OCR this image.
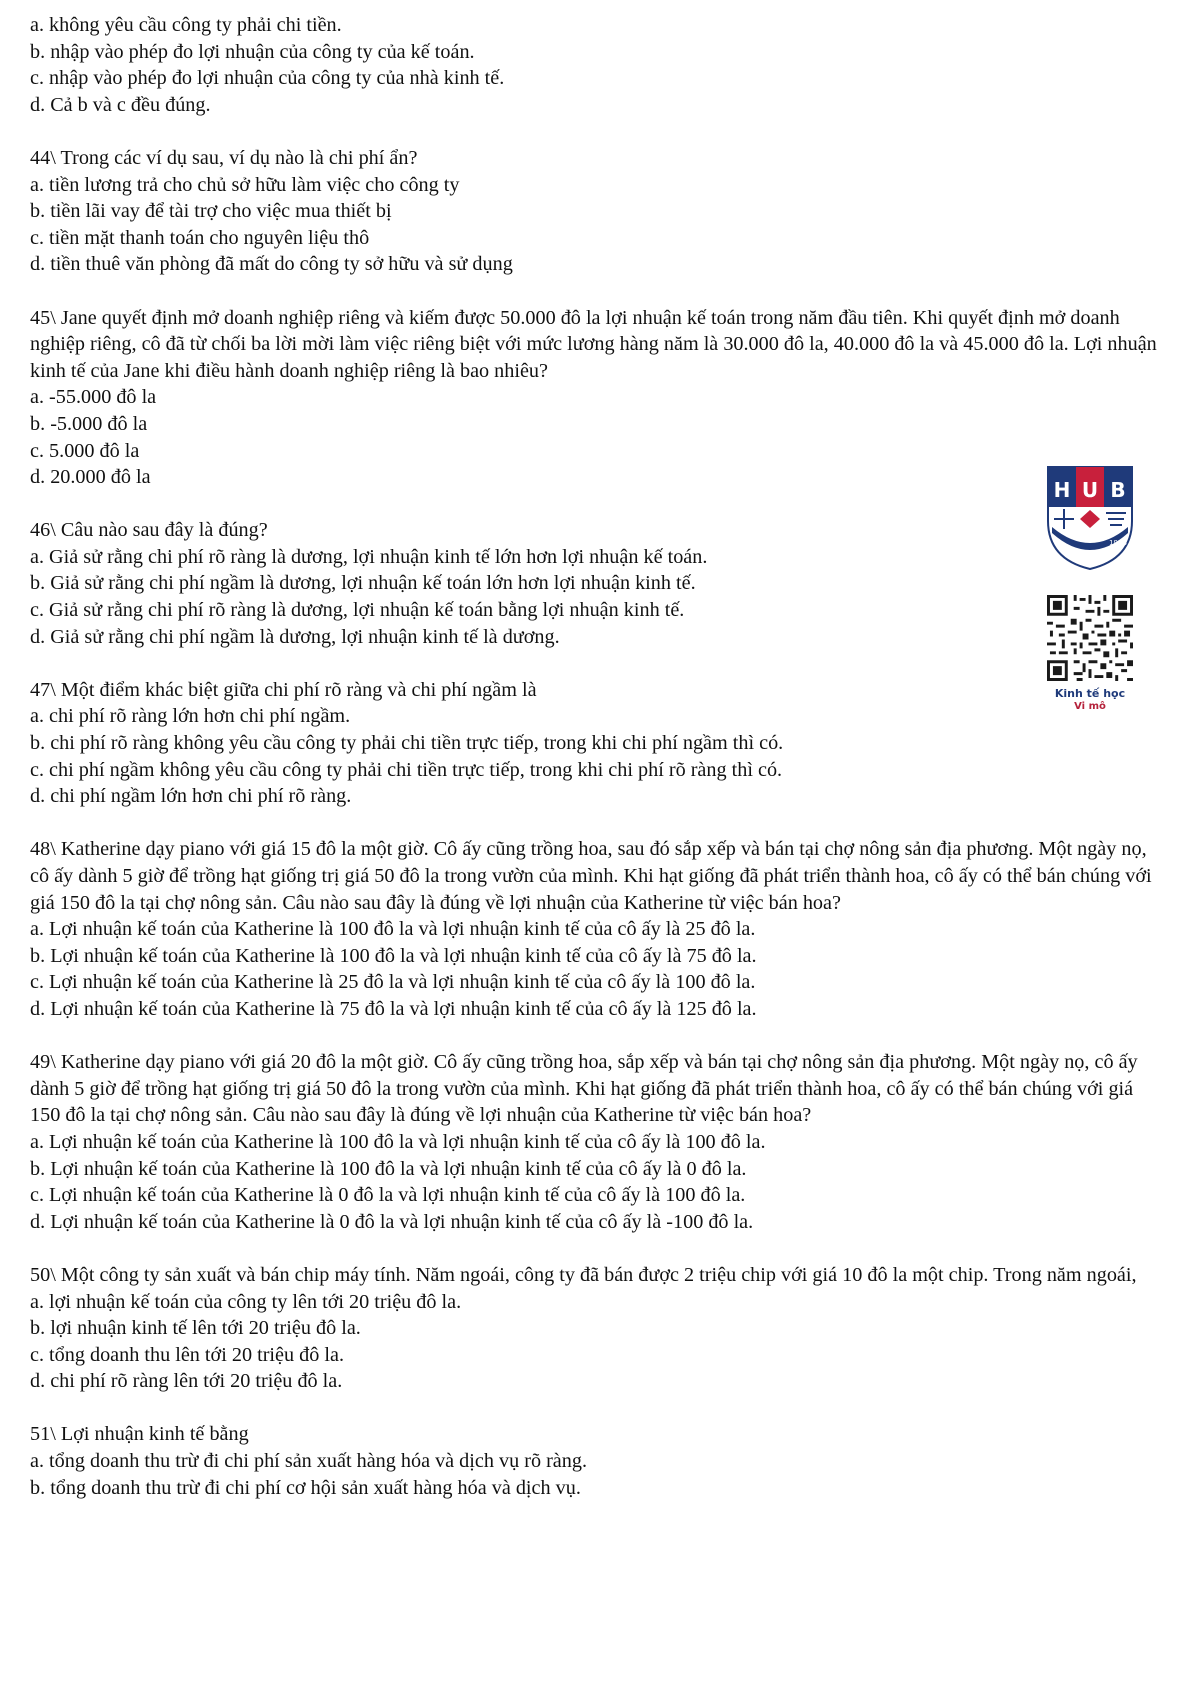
a. không yêu cầu công ty phải chi tiền.
b. nhập vào phép đo lợi nhuận của công ty của kế toán.
c. nhập vào phép đo lợi nhuận của công ty của nhà kinh tế.
d. Cả b và c đều đúng.
44\ Trong các ví dụ sau, ví dụ nào là chi phí ẩn?
a. tiền lương trả cho chủ sở hữu làm việc cho công ty
b. tiền lãi vay để tài trợ cho việc mua thiết bị
c. tiền mặt thanh toán cho nguyên liệu thô
d. tiền thuê văn phòng đã mất do công ty sở hữu và sử dụng
45\ Jane quyết định mở doanh nghiệp riêng và kiếm được 50.000 đô la lợi nhuận kế toán trong năm đầu tiên. Khi quyết định mở doanh nghiệp riêng, cô đã từ chối ba lời mời làm việc riêng biệt với mức lương hàng năm là 30.000 đô la, 40.000 đô la và 45.000 đô la. Lợi nhuận kinh tế của Jane khi điều hành doanh nghiệp riêng là bao nhiêu?
a. -55.000 đô la
b. -5.000 đô la
c. 5.000 đô la
d. 20.000 đô la
46\ Câu nào sau đây là đúng?
a. Giả sử rằng chi phí rõ ràng là dương, lợi nhuận kinh tế lớn hơn lợi nhuận kế toán.
b. Giả sử rằng chi phí ngầm là dương, lợi nhuận kế toán lớn hơn lợi nhuận kinh tế.
c. Giả sử rằng chi phí rõ ràng là dương, lợi nhuận kế toán bằng lợi nhuận kinh tế.
d. Giả sử rằng chi phí ngầm là dương, lợi nhuận kinh tế là dương.
47\ Một điểm khác biệt giữa chi phí rõ ràng và chi phí ngầm là
a. chi phí rõ ràng lớn hơn chi phí ngầm.
b. chi phí rõ ràng không yêu cầu công ty phải chi tiền trực tiếp, trong khi chi phí ngầm thì có.
c. chi phí ngầm không yêu cầu công ty phải chi tiền trực tiếp, trong khi chi phí rõ ràng thì có.
d. chi phí ngầm lớn hơn chi phí rõ ràng.
48\ Katherine dạy piano với giá 15 đô la một giờ. Cô ấy cũng trồng hoa, sau đó sắp xếp và bán tại chợ nông sản địa phương. Một ngày nọ, cô ấy dành 5 giờ để trồng hạt giống trị giá 50 đô la trong vườn của mình. Khi hạt giống đã phát triển thành hoa, cô ấy có thể bán chúng với giá 150 đô la tại chợ nông sản. Câu nào sau đây là đúng về lợi nhuận của Katherine từ việc bán hoa?
a. Lợi nhuận kế toán của Katherine là 100 đô la và lợi nhuận kinh tế của cô ấy là 25 đô la.
b. Lợi nhuận kế toán của Katherine là 100 đô la và lợi nhuận kinh tế của cô ấy là 75 đô la.
c. Lợi nhuận kế toán của Katherine là 25 đô la và lợi nhuận kinh tế của cô ấy là 100 đô la.
d. Lợi nhuận kế toán của Katherine là 75 đô la và lợi nhuận kinh tế của cô ấy là 125 đô la.
49\ Katherine dạy piano với giá 20 đô la một giờ. Cô ấy cũng trồng hoa, sắp xếp và bán tại chợ nông sản địa phương. Một ngày nọ, cô ấy dành 5 giờ để trồng hạt giống trị giá 50 đô la trong vườn của mình. Khi hạt giống đã phát triển thành hoa, cô ấy có thể bán chúng với giá 150 đô la tại chợ nông sản. Câu nào sau đây là đúng về lợi nhuận của Katherine từ việc bán hoa?
a. Lợi nhuận kế toán của Katherine là 100 đô la và lợi nhuận kinh tế của cô ấy là 100 đô la.
b. Lợi nhuận kế toán của Katherine là 100 đô la và lợi nhuận kinh tế của cô ấy là 0 đô la.
c. Lợi nhuận kế toán của Katherine là 0 đô la và lợi nhuận kinh tế của cô ấy là 100 đô la.
d. Lợi nhuận kế toán của Katherine là 0 đô la và lợi nhuận kinh tế của cô ấy là -100 đô la.
50\ Một công ty sản xuất và bán chip máy tính. Năm ngoái, công ty đã bán được 2 triệu chip với giá 10 đô la một chip. Trong năm ngoái,
a. lợi nhuận kế toán của công ty lên tới 20 triệu đô la.
b. lợi nhuận kinh tế lên tới 20 triệu đô la.
c. tổng doanh thu lên tới 20 triệu đô la.
d. chi phí rõ ràng lên tới 20 triệu đô la.
51\ Lợi nhuận kinh tế bằng
a. tổng doanh thu trừ đi chi phí sản xuất hàng hóa và dịch vụ rõ ràng.
b. tổng doanh thu trừ đi chi phí cơ hội sản xuất hàng hóa và dịch vụ.
H U B
1976
Kinh tế học
Vi mô
